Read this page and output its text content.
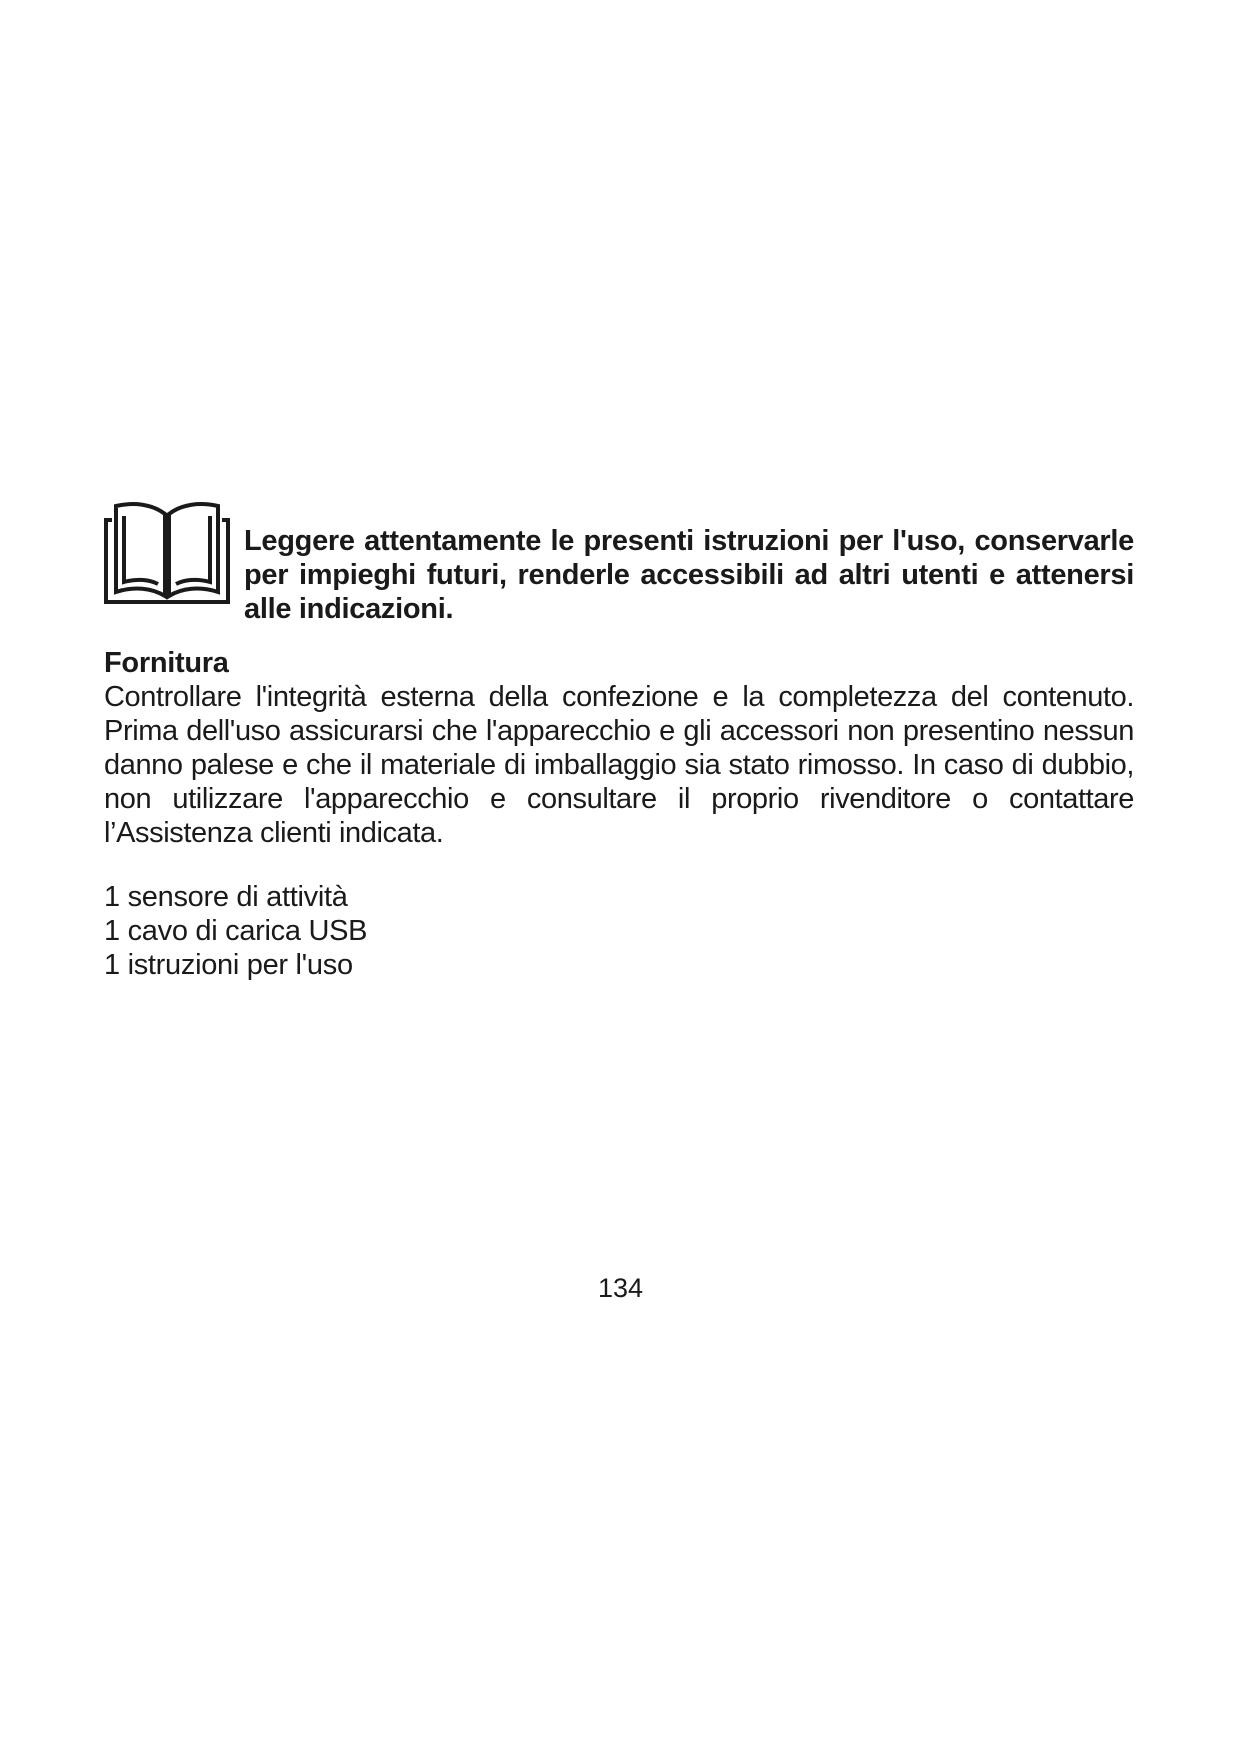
Leggere attentamente le presenti istruzioni per l'uso, conservarle per impieghi futuri, renderle accessibili ad altri utenti e attenersi alle indicazioni.

Fornitura

Controllare l'integrità esterna della confezione e la completezza del contenuto. Prima dell'uso assicurarsi che l'apparecchio e gli accessori non presentino nessun danno palese e che il materiale di imballaggio sia stato rimosso. In caso di dubbio, non utilizzare l'apparecchio e consultare il proprio rivenditore o contattare l’Assistenza clienti indicata.

1 sensore di attività
1 cavo di carica USB
1 istruzioni per l'uso
134
